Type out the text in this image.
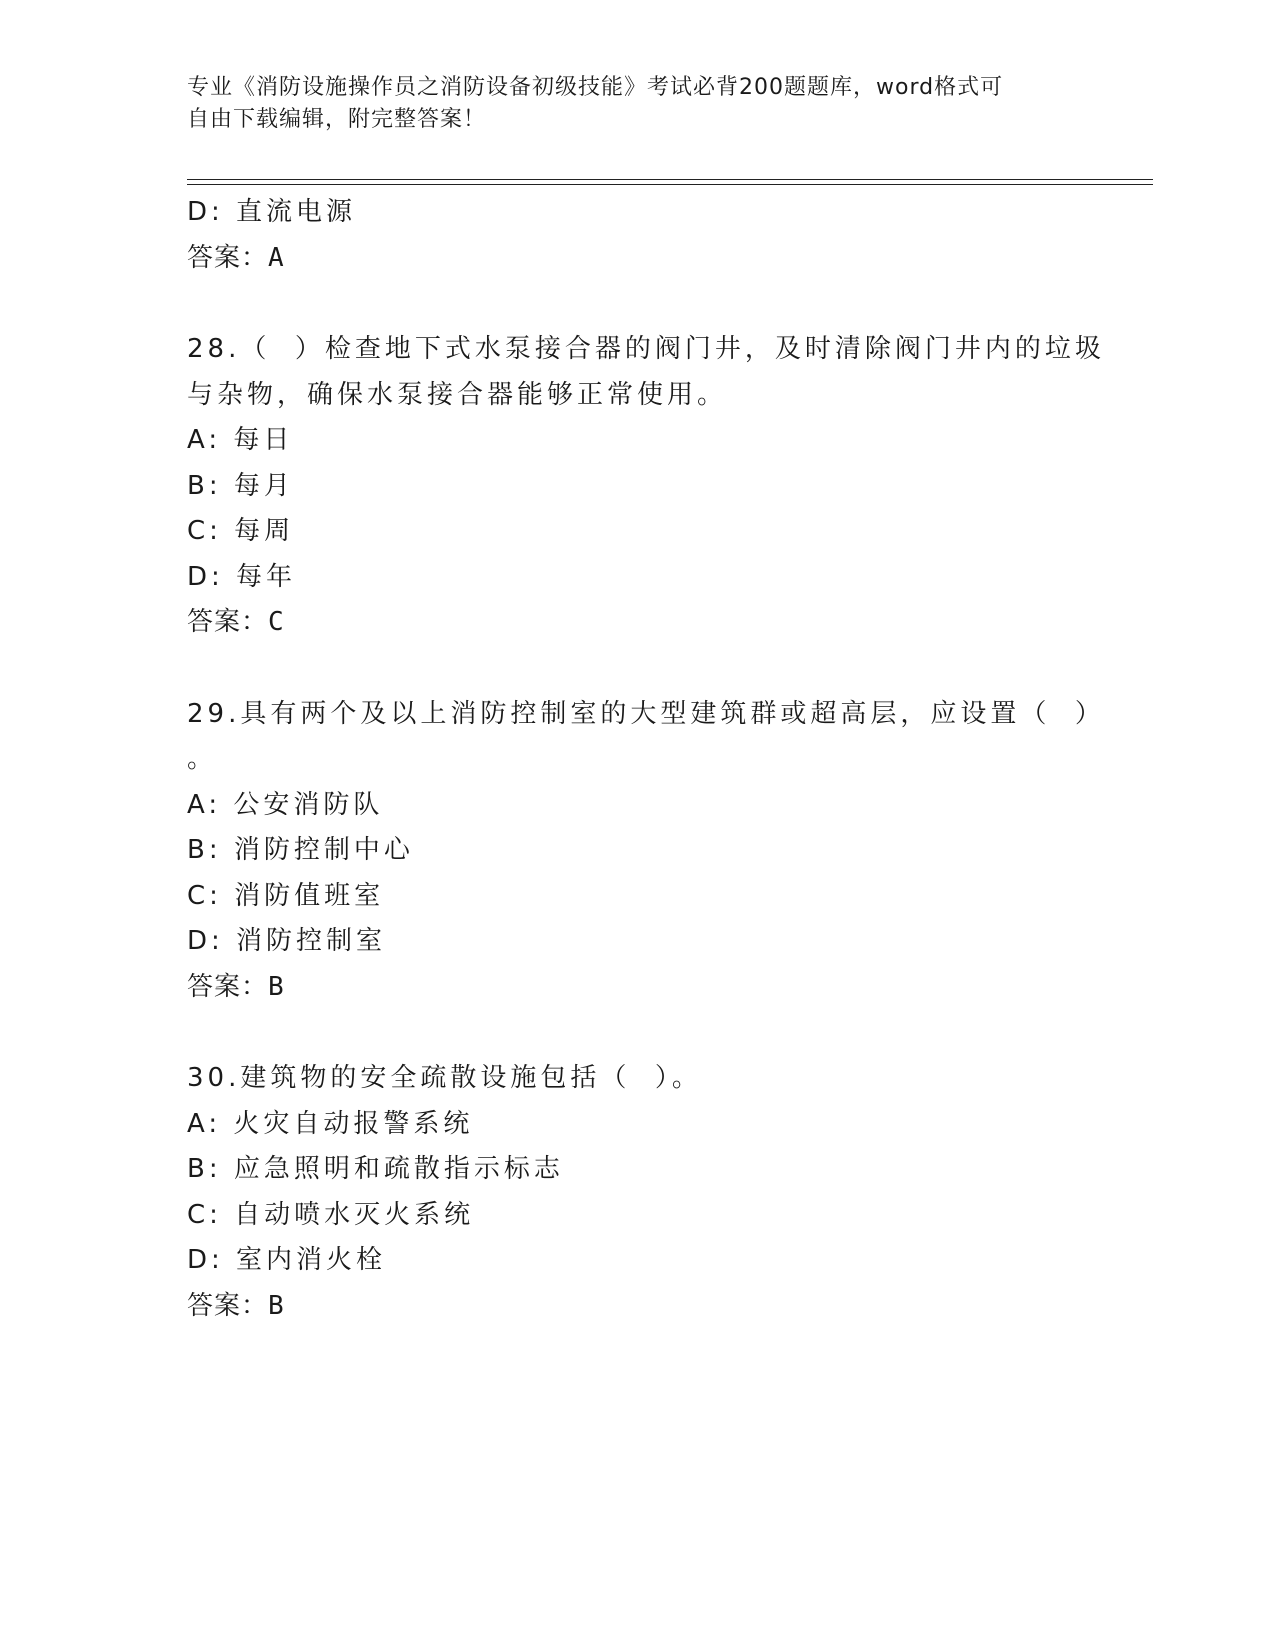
专业《消防设施操作员之消防设备初级技能》考试必背200题题库，word格式可
自由下载编辑，附完整答案！
D: 直流电源
答案：A
28.（  ）检查地下式水泵接合器的阀门井，及时清除阀门井内的垃圾
与杂物，确保水泵接合器能够正常使用。
A: 每日
B: 每月
C: 每周
D: 每年
答案：C
29.具有两个及以上消防控制室的大型建筑群或超高层，应设置（  ）
。
A: 公安消防队
B: 消防控制中心
C: 消防值班室
D: 消防控制室
答案：B
30.建筑物的安全疏散设施包括（  ）。
A: 火灾自动报警系统
B: 应急照明和疏散指示标志
C: 自动喷水灭火系统
D: 室内消火栓
答案：B
